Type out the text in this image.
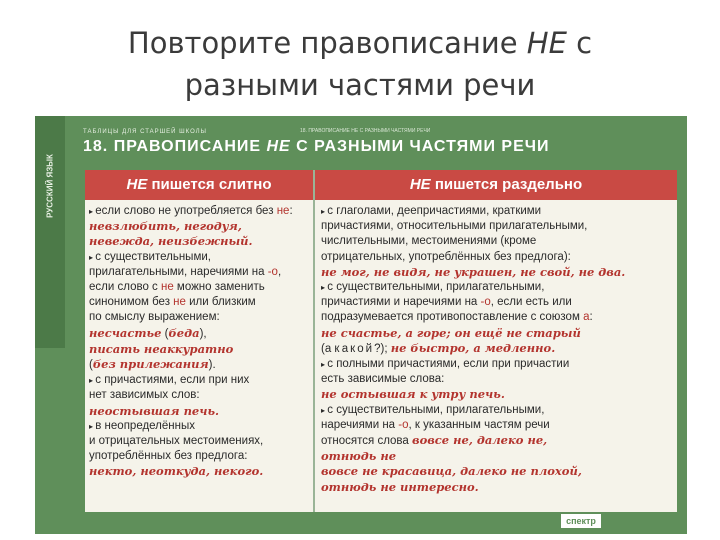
Повторите правописание НЕ с
разными частями речи
РУССКИЙ ЯЗЫК
ТАБЛИЦЫ ДЛЯ СТАРШЕЙ ШКОЛЫ	18. ПРАВОПИСАНИЕ НЕ С РАЗНЫМИ ЧАСТЯМИ РЕЧИ
18. ПРАВОПИСАНИЕ НЕ С РАЗНЫМИ ЧАСТЯМИ РЕЧИ
НЕ пишется слитно	НЕ пишется раздельно

▸ если слово не употребляется без не:

невзлюбить, негодуя,

невежда, неизбежный.

▸ с существительными,

прилагательными, наречиями на -о,

если слово с не можно заменить

синонимом без не или близким

по смыслу выражением:

несчастье (беда),

писать неаккуратно

(без прилежания).

▸ с причастиями, если при них

нет зависимых слов:

неостывшая печь.

▸ в неопределённых

и отрицательных местоимениях,

употреблённых без предлога:

некто, неоткуда, некого.

▸ с глаголами, деепричастиями, краткими

причастиями, относительными прилагательными,

числительными, местоимениями (кроме

отрицательных, употреблённых без предлога):

не мог, не видя, не украшен, не свой, не два.

▸ с существительными, прилагательными,

причастиями и наречиями на -о, если есть или

подразумевается противопоставление с союзом а:

не счастье, а горе; он ещё не старый

(а какой?); не быстро, а медленно.

▸ с полными причастиями, если при причастии

есть зависимые слова:

не остывшая к утру печь.

▸ с существительными, прилагательными,

наречиями на -о, к указанным частям речи

относятся слова вовсе не, далеко не,

отнюдь не

вовсе не красавица, далеко не плохой,

отнюдь не интересно.

спектр
